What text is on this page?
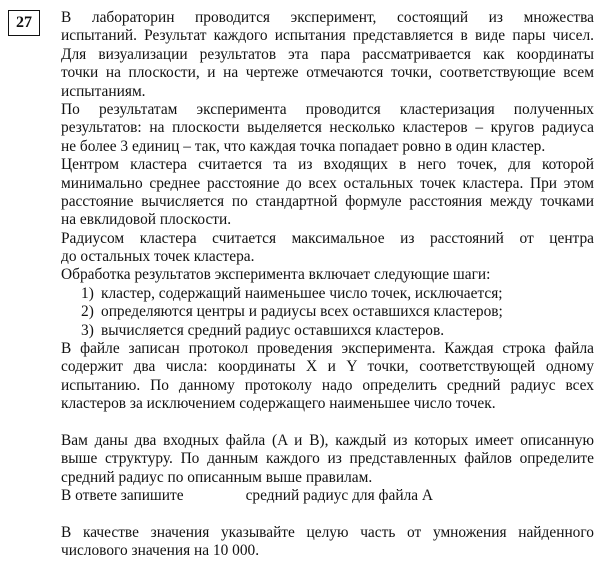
27	В лабораторин проводится эксперимент, состоящий из множества
испытаний. Результат каждого испытания представляется в виде пары чисел.
Для визуализации результатов эта пара рассматривается как координаты
точки на плоскости, и на чертеже отмечаются точки, соответствующие всем
испытаниям.
По результатам эксперимента проводится кластеризация полученных
результатов: на плоскости выделяется несколько кластеров – кругов радиуса
не более 3 единиц – так, что каждая точка попадает ровно в один кластер.
Центром кластера считается та из входящих в него точек, для которой
минимально среднее расстояние до всех остальных точек кластера. При этом
расстояние вычисляется по стандартной формуле расстояния между точками
на евклидовой плоскости.
Радиусом кластера считается максимальное из расстояний от центра
до остальных точек кластера.
Обработка результатов эксперимента включает следующие шаги:
1) кластер, содержащий наименьшее число точек, исключается;
2) определяются центры и радиусы всех оставшихся кластеров;
3) вычисляется средний радиус оставшихся кластеров.
В файле записан протокол проведения эксперимента. Каждая строка файла
содержит два числа: координаты X и Y точки, соответствующей одному
испытанию. По данному протоколу надо определить средний радиус всех
кластеров за исключением содержащего наименьшее число точек.
Вам даны два входных файла (A и B), каждый из которых имеет описанную
выше структуру. По данным каждого из представленных файлов определите
средний радиус по описанным выше правилам.
В ответе запишите	средний радиус для файла A
В качестве значения указывайте целую часть от умножения найденного
числового значения на 10 000.
